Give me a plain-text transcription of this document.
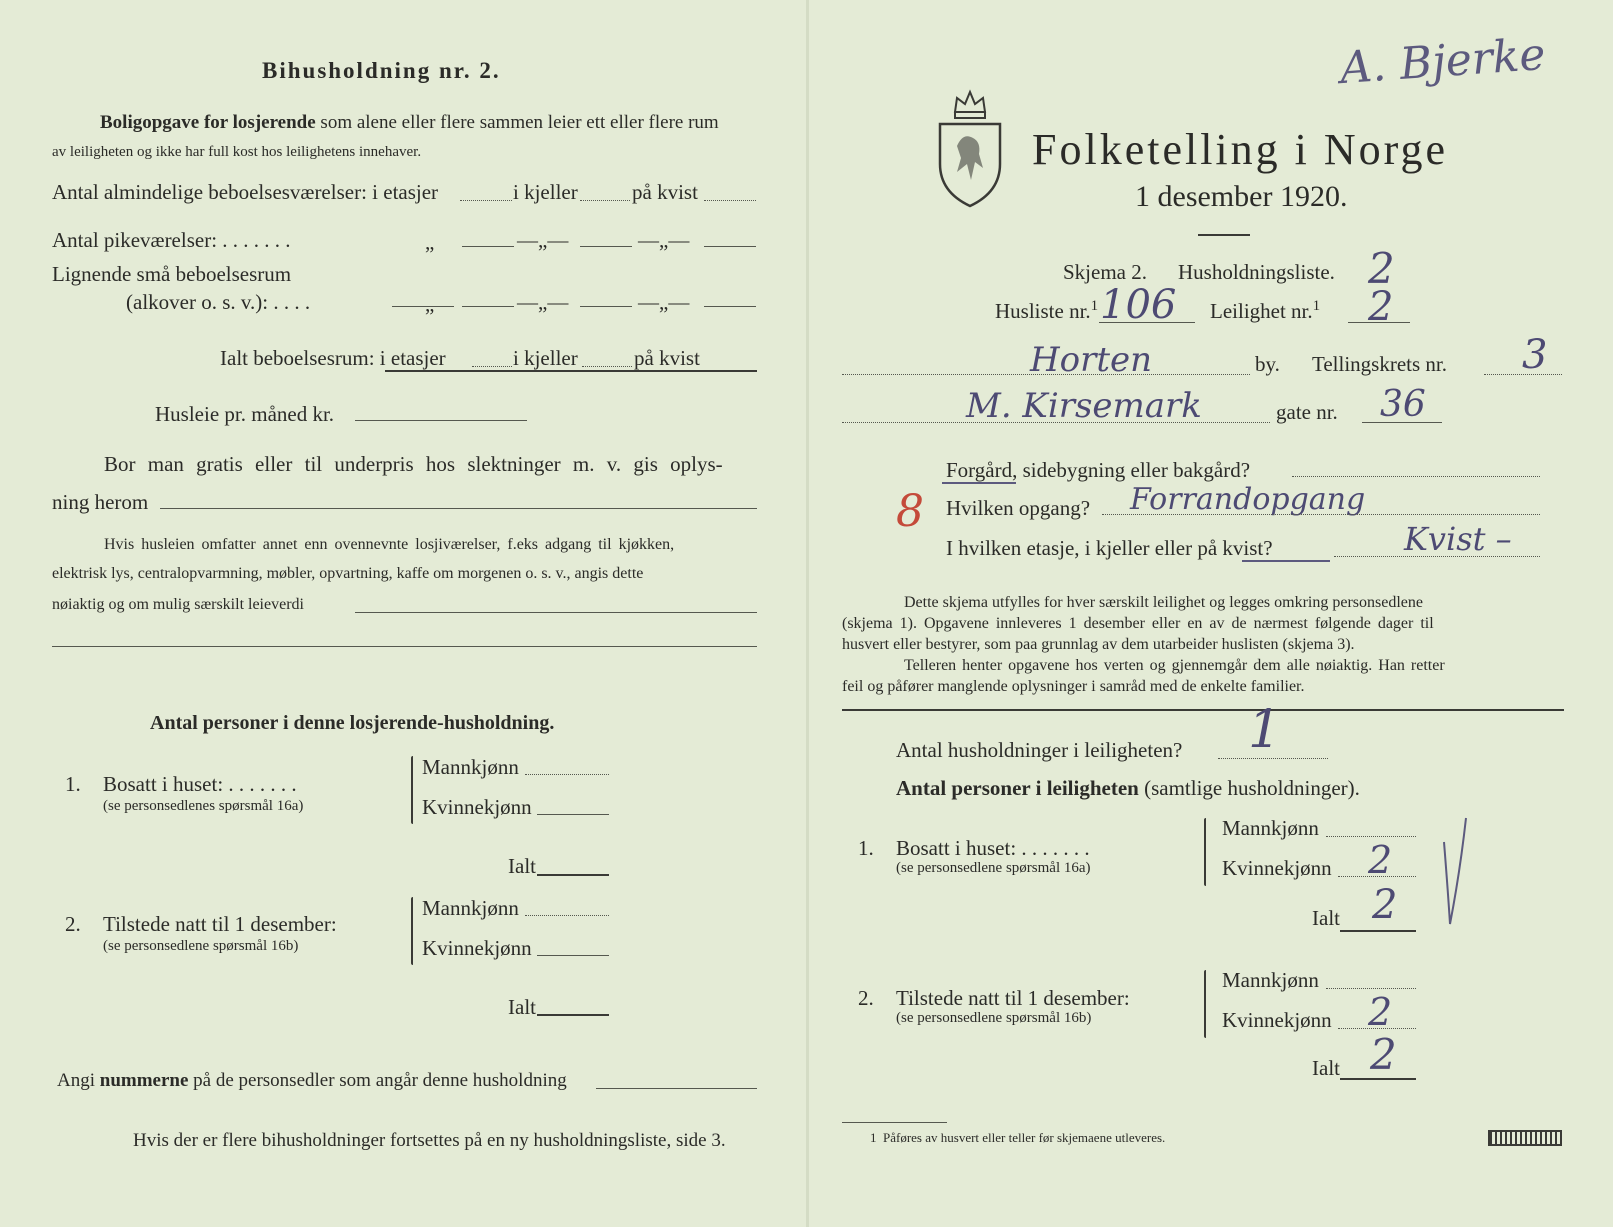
Bihusholdning nr. 2.
Boligopgave for losjerende som alene eller flere sammen leier ett eller flere rum
av leiligheten og ikke har full kost hos leilighetens innehaver.
Antal almindelige beboelsesværelser: i etasjer	i kjeller	på kvist
Antal pikeværelser: . . . . . . .	„	—„—	—„—
Lignende små beboelsesrum
(alkover o. s. v.): . . . .	„	—„—	—„—
Ialt beboelsesrum: i etasjer	i kjeller	på kvist
Husleie pr. måned kr.
Bor man gratis eller til underpris hos slektninger m. v. gis oplys-
ning herom
Hvis husleien omfatter annet enn ovennevnte losjiværelser, f.eks adgang til kjøkken,
elektrisk lys, centralopvarmning, møbler, opvartning, kaffe om morgenen o. s. v., angis dette
nøiaktig og om mulig særskilt leieverdi
Antal personer i denne losjerende-husholdning.
1. Bosatt i huset: . . . . . . .
(se personsedlenes spørsmål 16a)
Mannkjønn
Kvinnekjønn
Ialt
2. Tilstede natt til 1 desember:
(se personsedlene spørsmål 16b)
Mannkjønn
Kvinnekjønn
Ialt
Angi nummerne på de personsedler som angår denne husholdning
Hvis der er flere bihusholdninger fortsettes på en ny husholdningsliste, side 3.
A. Bjerke
Folketelling i Norge
1 desember 1920.
Skjema 2. Husholdningsliste. 2
Husliste nr.$^1$ 106 Leilighet nr.$^1$ 2
Horten	by. Tellingskrets nr. 3
M. Kirsemark	gate nr. 36
Forgård, sidebygning eller bakgård?
8 Hvilken opgang? Forrandopgang
I hvilken etasje, i kjeller eller på kvist?	Kvist –
Dette skjema utfylles for hver særskilt leilighet og legges omkring personsedlene
(skjema 1). Opgavene innleveres 1 desember eller en av de nærmest følgende dager til
husvert eller bestyrer, som paa grunnlag av dem utarbeider huslisten (skjema 3).
Telleren henter opgavene hos verten og gjennemgår dem alle nøiaktig. Han retter
feil og påfører manglende oplysninger i samråd med de enkelte familier.
Antal husholdninger i leiligheten? 1
Antal personer i leiligheten (samtlige husholdninger).
1. Bosatt i huset: . . . . . . .
(se personsedlene spørsmål 16a)
Mannkjønn
Kvinnekjønn 2
Ialt 2
2. Tilstede natt til 1 desember:
(se personsedlene spørsmål 16b)
Mannkjønn
Kvinnekjønn 2
Ialt 2
1 Påføres av husvert eller teller før skjemaene utleveres.
